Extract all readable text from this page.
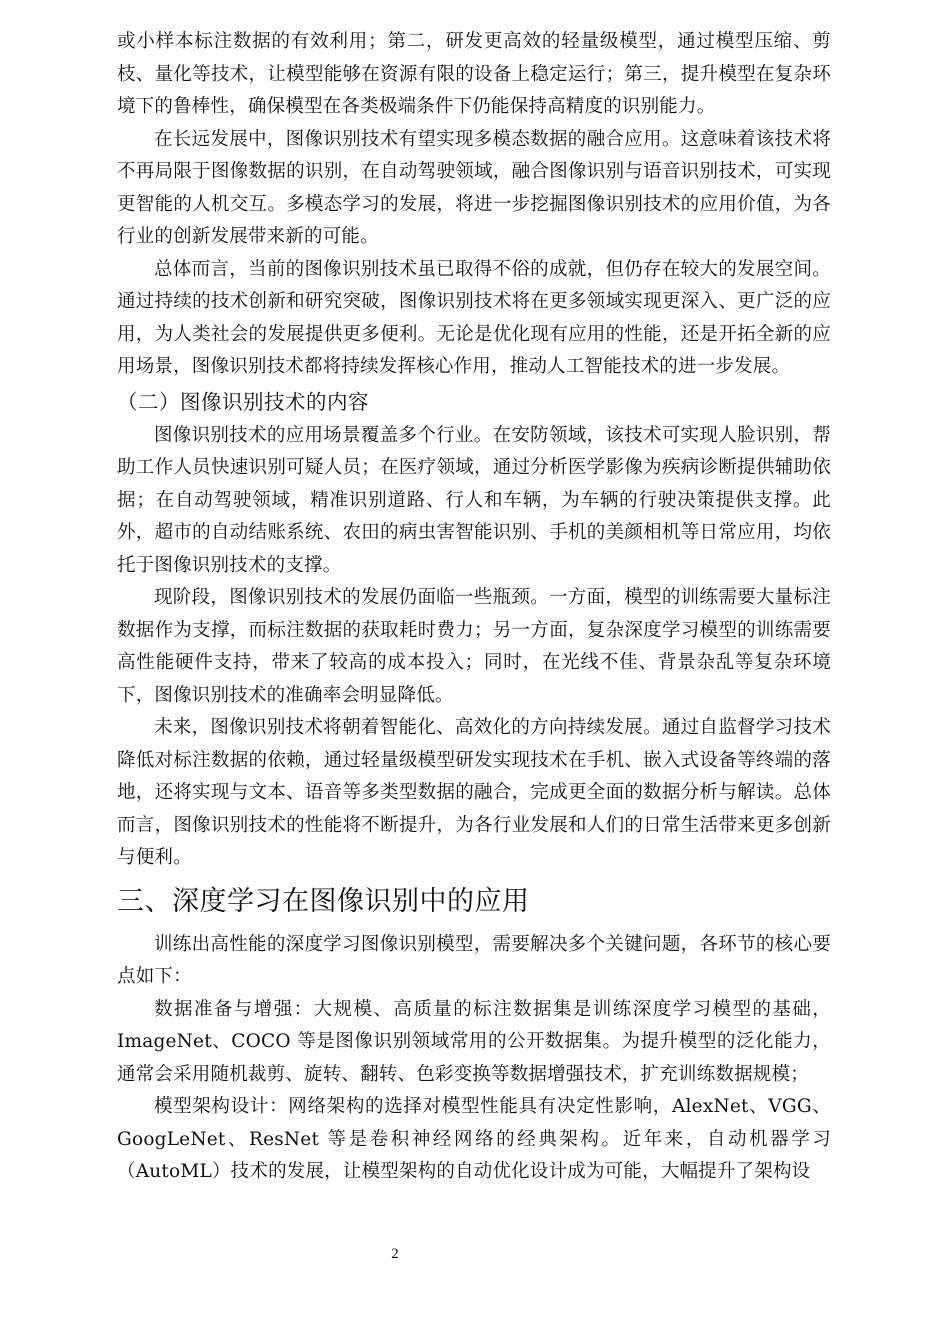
或小样本标注数据的有效利用；第二，研发更高效的轻量级模型，通过模型压缩、剪枝、量化等技术，让模型能够在资源有限的设备上稳定运行；第三，提升模型在复杂环境下的鲁棒性，确保模型在各类极端条件下仍能保持高精度的识别能力。

在长远发展中，图像识别技术有望实现多模态数据的融合应用。这意味着该技术将不再局限于图像数据的识别，在自动驾驶领域，融合图像识别与语音识别技术，可实现更智能的人机交互。多模态学习的发展，将进一步挖掘图像识别技术的应用价值，为各行业的创新发展带来新的可能。

总体而言，当前的图像识别技术虽已取得不俗的成就，但仍存在较大的发展空间。通过持续的技术创新和研究突破，图像识别技术将在更多领域实现更深入、更广泛的应用，为人类社会的发展提供更多便利。无论是优化现有应用的性能，还是开拓全新的应用场景，图像识别技术都将持续发挥核心作用，推动人工智能技术的进一步发展。

（二）图像识别技术的内容

图像识别技术的应用场景覆盖多个行业。在安防领域，该技术可实现人脸识别，帮助工作人员快速识别可疑人员；在医疗领域，通过分析医学影像为疾病诊断提供辅助依据；在自动驾驶领域，精准识别道路、行人和车辆，为车辆的行驶决策提供支撑。此外，超市的自动结账系统、农田的病虫害智能识别、手机的美颜相机等日常应用，均依托于图像识别技术的支撑。

现阶段，图像识别技术的发展仍面临一些瓶颈。一方面，模型的训练需要大量标注数据作为支撑，而标注数据的获取耗时费力；另一方面，复杂深度学习模型的训练需要高性能硬件支持，带来了较高的成本投入；同时，在光线不佳、背景杂乱等复杂环境下，图像识别技术的准确率会明显降低。

未来，图像识别技术将朝着智能化、高效化的方向持续发展。通过自监督学习技术降低对标注数据的依赖，通过轻量级模型研发实现技术在手机、嵌入式设备等终端的落地，还将实现与文本、语音等多类型数据的融合，完成更全面的数据分析与解读。总体而言，图像识别技术的性能将不断提升，为各行业发展和人们的日常生活带来更多创新与便利。

三、深度学习在图像识别中的应用

训练出高性能的深度学习图像识别模型，需要解决多个关键问题，各环节的核心要点如下：

数据准备与增强：大规模、高质量的标注数据集是训练深度学习模型的基础，ImageNet、COCO 等是图像识别领域常用的公开数据集。为提升模型的泛化能力，通常会采用随机裁剪、旋转、翻转、色彩变换等数据增强技术，扩充训练数据规模；

模型架构设计：网络架构的选择对模型性能具有决定性影响，AlexNet、VGG、GoogLeNet、ResNet 等是卷积神经网络的经典架构。近年来，自动机器学习（AutoML）技术的发展，让模型架构的自动优化设计成为可能，大幅提升了架构设

2
